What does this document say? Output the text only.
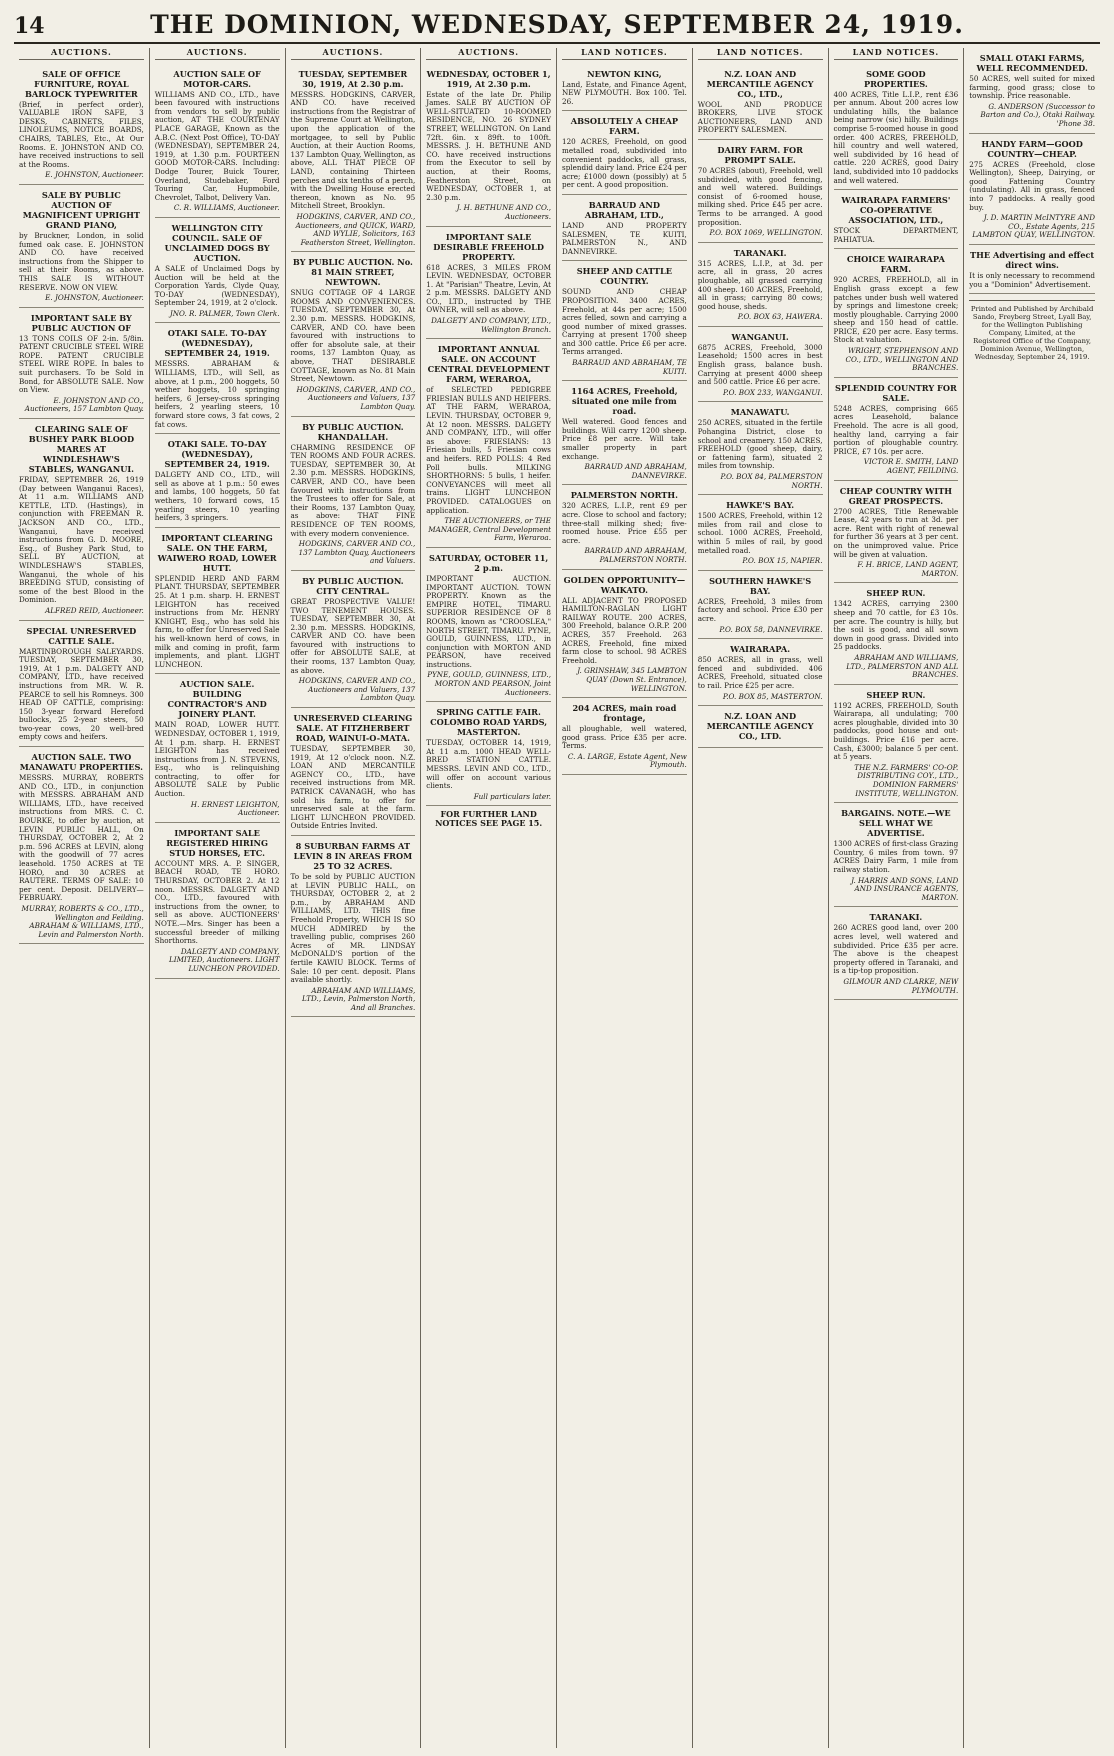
14	THE DOMINION, WEDNESDAY, SEPTEMBER 24, 1919.
AUCTIONS.
SALE OF OFFICE FURNITURE, ROYAL BARLOCK TYPEWRITER

(Brief, in perfect order), VALUABLE IRON SAFE, 3 DESKS, CABINETS, FILES, LINOLEUMS, NOTICE BOARDS, CHAIRS, TABLES, Etc., At Our Rooms. E. JOHNSTON AND CO. have received instructions to sell at the Rooms.

E. JOHNSTON, Auctioneer.
SALE BY PUBLIC AUCTION OF MAGNIFICENT UPRIGHT GRAND PIANO,

by Bruckner, London, in solid fumed oak case. E. JOHNSTON AND CO. have received instructions from the Shipper to sell at their Rooms, as above. THIS SALE IS WITHOUT RESERVE. NOW ON VIEW.

E. JOHNSTON, Auctioneer.
IMPORTANT SALE BY PUBLIC AUCTION OF

13 TONS COILS OF 2-in. 5/8in. PATENT CRUCIBLE STEEL WIRE ROPE. PATENT CRUCIBLE STEEL WIRE ROPE. In bales to suit purchasers. To be Sold in Bond, for ABSOLUTE SALE. Now on View.

E. JOHNSTON AND CO., Auctioneers, 157 Lambton Quay.
CLEARING SALE OF BUSHEY PARK BLOOD MARES AT WINDLESHAW'S STABLES, WANGANUI.

FRIDAY, SEPTEMBER 26, 1919 (Day between Wanganui Races), At 11 a.m. WILLIAMS AND KETTLE, LTD. (Hastings), in conjunction with FREEMAN R. JACKSON AND CO., LTD., Wanganui, have received instructions from G. D. MOORE, Esq., of Bushey Park Stud, to SELL BY AUCTION, at WINDLESHAW'S STABLES, Wanganui, the whole of his BREEDING STUD, consisting of some of the best Blood in the Dominion.

ALFRED REID, Auctioneer.
SPECIAL UNRESERVED CATTLE SALE.

MARTINBOROUGH SALEYARDS. TUESDAY, SEPTEMBER 30, 1919, At 1 p.m. DALGETY AND COMPANY, LTD., have received instructions from MR. W. R. PEARCE to sell his Romneys. 300 HEAD OF CATTLE, comprising: 150 3-year forward Hereford bullocks, 25 2-year steers, 50 two-year cows, 20 well-bred empty cows and heifers.

AUCTION SALE. TWO MANAWATU PROPERTIES.

MESSRS. MURRAY, ROBERTS AND CO., LTD., in conjunction with MESSRS. ABRAHAM AND WILLIAMS, LTD., have received instructions from MRS. C. C. BOURKE, to offer by auction, at LEVIN PUBLIC HALL, On THURSDAY, OCTOBER 2, At 2 p.m. 596 ACRES at LEVIN, along with the goodwill of 77 acres leasehold. 1750 ACRES at TE HORO, and 30 ACRES at RAUTERE. TERMS OF SALE: 10 per cent. Deposit. DELIVERY—FEBRUARY.

MURRAY, ROBERTS & CO., LTD., Wellington and Feilding. ABRAHAM & WILLIAMS, LTD., Levin and Palmerston North.
AUCTIONS.
AUCTION SALE OF MOTOR-CARS.

WILLIAMS AND CO., LTD., have been favoured with instructions from vendors to sell by public auction, AT THE COURTENAY PLACE GARAGE, Known as the A.B.C. (Next Post Office), TO-DAY (WEDNESDAY), SEPTEMBER 24, 1919, at 1.30 p.m. FOURTEEN GOOD MOTOR-CARS. Including: Dodge Tourer, Buick Tourer, Overland, Studebaker, Ford Touring Car, Hupmobile, Chevrolet, Talbot, Delivery Van.

C. R. WILLIAMS, Auctioneer.
WELLINGTON CITY COUNCIL. SALE OF UNCLAIMED DOGS BY AUCTION.

A SALE of Unclaimed Dogs by Auction will be held at the Corporation Yards, Clyde Quay, TO-DAY (WEDNESDAY), September 24, 1919, at 2 o'clock.

JNO. R. PALMER, Town Clerk.
OTAKI SALE. TO-DAY (WEDNESDAY), SEPTEMBER 24, 1919.

MESSRS. ABRAHAM & WILLIAMS, LTD., will Sell, as above, at 1 p.m., 200 hoggets, 50 wether hoggets, 10 springing heifers, 6 Jersey-cross springing heifers, 2 yearling steers, 10 forward store cows, 3 fat cows, 2 fat cows.

OTAKI SALE. TO-DAY (WEDNESDAY), SEPTEMBER 24, 1919.

DALGETY AND CO., LTD., will sell as above at 1 p.m.: 50 ewes and lambs, 100 hoggets, 50 fat wethers, 10 forward cows, 15 yearling steers, 10 yearling heifers, 3 springers.

IMPORTANT CLEARING SALE. ON THE FARM, WAIWERO ROAD, LOWER HUTT.

SPLENDID HERD AND FARM PLANT. THURSDAY, SEPTEMBER 25. At 1 p.m. sharp. H. ERNEST LEIGHTON has received instructions from Mr. HENRY KNIGHT, Esq., who has sold his farm, to offer for Unreserved Sale his well-known herd of cows, in milk and coming in profit, farm implements, and plant. LIGHT LUNCHEON.

AUCTION SALE. BUILDING CONTRACTOR'S AND JOINERY PLANT.

MAIN ROAD, LOWER HUTT. WEDNESDAY, OCTOBER 1, 1919, At 1 p.m. sharp. H. ERNEST LEIGHTON has received instructions from J. N. STEVENS, Esq., who is relinquishing contracting, to offer for ABSOLUTE SALE by Public Auction.

H. ERNEST LEIGHTON, Auctioneer.
IMPORTANT SALE REGISTERED HIRING STUD HORSES, ETC.

ACCOUNT MRS. A. P. SINGER, BEACH ROAD, TE HORO. THURSDAY, OCTOBER 2. At 12 noon. MESSRS. DALGETY AND CO., LTD., favoured with instructions from the owner, to sell as above. AUCTIONEERS' NOTE.—Mrs. Singer has been a successful breeder of milking Shorthorns.

DALGETY AND COMPANY, LIMITED, Auctioneers. LIGHT LUNCHEON PROVIDED.
AUCTIONS.
TUESDAY, SEPTEMBER 30, 1919, At 2.30 p.m.

MESSRS. HODGKINS, CARVER, AND CO. have received instructions from the Registrar of the Supreme Court at Wellington, upon the application of the mortgagee, to sell by Public Auction, at their Auction Rooms, 137 Lambton Quay, Wellington, as above, ALL THAT PIECE OF LAND, containing Thirteen perches and six tenths of a perch, with the Dwelling House erected thereon, known as No. 95 Mitchell Street, Brooklyn.

HODGKINS, CARVER, AND CO., Auctioneers, and QUICK, WARD, AND WYLIE, Solicitors, 163 Featherston Street, Wellington.
BY PUBLIC AUCTION. No. 81 MAIN STREET, NEWTOWN.

SNUG COTTAGE OF 4 LARGE ROOMS AND CONVENIENCES. TUESDAY, SEPTEMBER 30, At 2.30 p.m. MESSRS. HODGKINS, CARVER, AND CO. have been favoured with instructions to offer for absolute sale, at their rooms, 137 Lambton Quay, as above, THAT DESIRABLE COTTAGE, known as No. 81 Main Street, Newtown.

HODGKINS, CARVER, AND CO., Auctioneers and Valuers, 137 Lambton Quay.
BY PUBLIC AUCTION. KHANDALLAH.

CHARMING RESIDENCE OF TEN ROOMS AND FOUR ACRES. TUESDAY, SEPTEMBER 30, At 2.30 p.m. MESSRS. HODGKINS, CARVER, AND CO., have been favoured with instructions from the Trustees to offer for Sale, at their Rooms, 137 Lambton Quay, as above: THAT FINE RESIDENCE OF TEN ROOMS, with every modern convenience.

HODGKINS, CARVER AND CO., 137 Lambton Quay, Auctioneers and Valuers.
BY PUBLIC AUCTION. CITY CENTRAL.

GREAT PROSPECTIVE VALUE! TWO TENEMENT HOUSES. TUESDAY, SEPTEMBER 30, At 2.30 p.m. MESSRS. HODGKINS, CARVER AND CO. have been favoured with instructions to offer for ABSOLUTE SALE, at their rooms, 137 Lambton Quay, as above.

HODGKINS, CARVER AND CO., Auctioneers and Valuers, 137 Lambton Quay.
UNRESERVED CLEARING SALE. AT FITZHERBERT ROAD, WAINUI-O-MATA.

TUESDAY, SEPTEMBER 30, 1919, At 12 o'clock noon. N.Z. LOAN AND MERCANTILE AGENCY CO., LTD., have received instructions from MR. PATRICK CAVANAGH, who has sold his farm, to offer for unreserved sale at the farm. LIGHT LUNCHEON PROVIDED. Outside Entries Invited.

8 SUBURBAN FARMS AT LEVIN 8 IN AREAS FROM 25 TO 32 ACRES.

To be sold by PUBLIC AUCTION at LEVIN PUBLIC HALL, on THURSDAY, OCTOBER 2, at 2 p.m., by ABRAHAM AND WILLIAMS, LTD. THIS fine Freehold Property, WHICH IS SO MUCH ADMIRED by the travelling public, comprises 260 Acres of MR. LINDSAY McDONALD'S portion of the fertile KAWIU BLOCK. Terms of Sale: 10 per cent. deposit. Plans available shortly.

ABRAHAM AND WILLIAMS, LTD., Levin, Palmerston North, And all Branches.
AUCTIONS.
WEDNESDAY, OCTOBER 1, 1919, At 2.30 p.m.

Estate of the late Dr. Philip James. SALE BY AUCTION OF WELL-SITUATED 10-ROOMED RESIDENCE, NO. 26 SYDNEY STREET, WELLINGTON. On Land 72ft. 6in. x 89ft. to 100ft. MESSRS. J. H. BETHUNE AND CO. have received instructions from the Executor to sell by auction, at their Rooms, Featherston Street, on WEDNESDAY, OCTOBER 1, at 2.30 p.m.

J. H. BETHUNE AND CO., Auctioneers.
IMPORTANT SALE DESIRABLE FREEHOLD PROPERTY.

618 ACRES, 3 MILES FROM LEVIN. WEDNESDAY, OCTOBER 1. At "Parisian" Theatre, Levin, At 2 p.m. MESSRS. DALGETY AND CO., LTD., instructed by THE OWNER, will sell as above.

DALGETY AND COMPANY, LTD., Wellington Branch.
IMPORTANT ANNUAL SALE. ON ACCOUNT CENTRAL DEVELOPMENT FARM, WERAROA,

of SELECTED PEDIGREE FRIESIAN BULLS AND HEIFERS. AT THE FARM, WERAROA, LEVIN. THURSDAY, OCTOBER 9, At 12 noon. MESSRS. DALGETY AND COMPANY, LTD., will offer as above: FRIESIANS: 13 Friesian bulls, 5 Friesian cows and heifers. RED POLLS: 4 Red Poll bulls. MILKING SHORTHORNS: 5 bulls, 1 heifer. CONVEYANCES will meet all trains. LIGHT LUNCHEON PROVIDED. CATALOGUES on application.

THE AUCTIONEERS, or THE MANAGER, Central Development Farm, Weraroa.
SATURDAY, OCTOBER 11, 2 p.m.

IMPORTANT AUCTION. IMPORTANT AUCTION. TOWN PROPERTY. Known as the EMPIRE HOTEL, TIMARU. SUPERIOR RESIDENCE OF 8 ROOMS, known as "CROOSLEA," NORTH STREET, TIMARU. PYNE, GOULD, GUINNESS, LTD., in conjunction with MORTON AND PEARSON, have received instructions.

PYNE, GOULD, GUINNESS, LTD., MORTON AND PEARSON, Joint Auctioneers.
SPRING CATTLE FAIR. COLOMBO ROAD YARDS, MASTERTON.

TUESDAY, OCTOBER 14, 1919, At 11 a.m. 1000 HEAD WELL-BRED STATION CATTLE. MESSRS. LEVIN AND CO., LTD., will offer on account various clients.

Full particulars later.
FOR FURTHER LAND NOTICES SEE PAGE 15.
LAND NOTICES.
NEWTON KING,

Land, Estate, and Finance Agent, NEW PLYMOUTH. Box 100. Tel. 26.

ABSOLUTELY A CHEAP FARM.

120 ACRES, Freehold, on good metalled road, subdivided into convenient paddocks, all grass, splendid dairy land. Price £24 per acre; £1000 down (possibly) at 5 per cent. A good proposition.

BARRAUD AND ABRAHAM, LTD.,

LAND AND PROPERTY SALESMEN, TE KUITI, PALMERSTON N., AND DANNEVIRKE.

SHEEP AND CATTLE COUNTRY.

SOUND AND CHEAP PROPOSITION. 3400 ACRES, Freehold, at 44s per acre; 1500 acres felled, sown and carrying a good number of mixed grasses. Carrying at present 1700 sheep and 300 cattle. Price £6 per acre. Terms arranged.

BARRAUD AND ABRAHAM, TE KUITI.
1164 ACRES, Freehold, situated one mile from road.

Well watered. Good fences and buildings. Will carry 1200 sheep. Price £8 per acre. Will take smaller property in part exchange.

BARRAUD AND ABRAHAM, DANNEVIRKE.
PALMERSTON NORTH.

320 ACRES, L.I.P., rent £9 per acre. Close to school and factory; three-stall milking shed; five-roomed house. Price £55 per acre.

BARRAUD AND ABRAHAM, PALMERSTON NORTH.
GOLDEN OPPORTUNITY—WAIKATO.

ALL ADJACENT TO PROPOSED HAMILTON-RAGLAN LIGHT RAILWAY ROUTE. 200 ACRES, 300 Freehold, balance O.R.P. 200 ACRES, 357 Freehold. 263 ACRES, Freehold, fine mixed farm close to school. 98 ACRES Freehold.

J. GRINSHAW, 345 LAMBTON QUAY (Down St. Entrance), WELLINGTON.
204 ACRES, main road frontage,

all ploughable, well watered, good grass. Price £35 per acre. Terms.

C. A. LARGE, Estate Agent, New Plymouth.
LAND NOTICES.
N.Z. LOAN AND MERCANTILE AGENCY CO., LTD.,

WOOL AND PRODUCE BROKERS, LIVE STOCK AUCTIONEERS, LAND AND PROPERTY SALESMEN.

DAIRY FARM. FOR PROMPT SALE.

70 ACRES (about), Freehold, well subdivided, with good fencing, and well watered. Buildings consist of 6-roomed house, milking shed. Price £45 per acre. Terms to be arranged. A good proposition.

P.O. BOX 1069, WELLINGTON.
TARANAKI.

315 ACRES, L.I.P., at 3d. per acre, all in grass, 20 acres ploughable, all grassed carrying 400 sheep. 160 ACRES, Freehold, all in grass; carrying 80 cows; good house, sheds.

P.O. BOX 63, HAWERA.
WANGANUI.

6875 ACRES, Freehold, 3000 Leasehold; 1500 acres in best English grass, balance bush. Carrying at present 4000 sheep and 500 cattle. Price £6 per acre.

P.O. BOX 233, WANGANUI.
MANAWATU.

250 ACRES, situated in the fertile Pohangina District, close to school and creamery. 150 ACRES, FREEHOLD (good sheep, dairy, or fattening farm), situated 2 miles from township.

P.O. BOX 84, PALMERSTON NORTH.
HAWKE'S BAY.

1500 ACRES, Freehold, within 12 miles from rail and close to school. 1000 ACRES, Freehold, within 5 miles of rail, by good metalled road.

P.O. BOX 15, NAPIER.
SOUTHERN HAWKE'S BAY.

ACRES, Freehold, 3 miles from factory and school. Price £30 per acre.

P.O. BOX 58, DANNEVIRKE.
WAIRARAPA.

850 ACRES, all in grass, well fenced and subdivided. 406 ACRES, Freehold, situated close to rail. Price £25 per acre.

P.O. BOX 85, MASTERTON.
N.Z. LOAN AND MERCANTILE AGENCY CO., LTD.
LAND NOTICES.
SOME GOOD PROPERTIES.

400 ACRES, Title L.I.P., rent £36 per annum. About 200 acres low undulating hills, the balance being narrow (sic) hilly. Buildings comprise 5-roomed house in good order. 400 ACRES, FREEHOLD, hill country and well watered, well subdivided by 16 head of cattle. 220 ACRES, good Dairy land, subdivided into 10 paddocks and well watered.

WAIRARAPA FARMERS' CO-OPERATIVE ASSOCIATION, LTD.,

STOCK DEPARTMENT, PAHIATUA.

CHOICE WAIRARAPA FARM.

920 ACRES, FREEHOLD, all in English grass except a few patches under bush well watered by springs and limestone creek; mostly ploughable. Carrying 2000 sheep and 150 head of cattle. PRICE, £20 per acre. Easy terms. Stock at valuation.

WRIGHT, STEPHENSON AND CO., LTD., WELLINGTON AND BRANCHES.
SPLENDID COUNTRY FOR SALE.

5248 ACRES, comprising 665 acres Leasehold, balance Freehold. The acre is all good, healthy land, carrying a fair portion of ploughable country. PRICE, £7 10s. per acre.

VICTOR E. SMITH, LAND AGENT, FEILDING.
CHEAP COUNTRY WITH GREAT PROSPECTS.

2700 ACRES, Title Renewable Lease, 42 years to run at 3d. per acre. Rent with right of renewal for further 36 years at 3 per cent. on the unimproved value. Price will be given at valuation.

F. H. BRICE, LAND AGENT, MARTON.
SHEEP RUN.

1342 ACRES, carrying 2300 sheep and 70 cattle, for £3 10s. per acre. The country is hilly, but the soil is good, and all sown down in good grass. Divided into 25 paddocks.

ABRAHAM AND WILLIAMS, LTD., PALMERSTON AND ALL BRANCHES.
SHEEP RUN.

1192 ACRES, FREEHOLD, South Wairarapa, all undulating; 700 acres ploughable, divided into 30 paddocks, good house and out-buildings. Price £16 per acre. Cash, £3000; balance 5 per cent. at 5 years.

THE N.Z. FARMERS' CO-OP. DISTRIBUTING COY., LTD., DOMINION FARMERS' INSTITUTE, WELLINGTON.
BARGAINS. NOTE.—WE SELL WHAT WE ADVERTISE.

1300 ACRES of first-class Grazing Country, 6 miles from town. 97 ACRES Dairy Farm, 1 mile from railway station.

J. HARRIS AND SONS, LAND AND INSURANCE AGENTS, MARTON.
TARANAKI.

260 ACRES good land, over 200 acres level, well watered and subdivided. Price £35 per acre. The above is the cheapest property offered in Taranaki, and is a tip-top proposition.

GILMOUR AND CLARKE, NEW PLYMOUTH.
SMALL OTAKI FARMS, WELL RECOMMENDED.

50 ACRES, well suited for mixed farming, good grass; close to township. Price reasonable.

G. ANDERSON (Successor to Barton and Co.), Otaki Railway. 'Phone 38.
HANDY FARM—GOOD COUNTRY—CHEAP.

275 ACRES (Freehold, close Wellington), Sheep, Dairying, or good Fattening Country (undulating). All in grass, fenced into 7 paddocks. A really good buy.

J. D. MARTIN McINTYRE AND CO., Estate Agents, 215 LAMBTON QUAY, WELLINGTON.
THE Advertising and effect direct wins.

It is only necessary to recommend you a "Dominion" Advertisement.

Printed and Published by Archibald Sando, Freyberg Street, Lyall Bay, for the Wellington Publishing Company, Limited, at the Registered Office of the Company, Dominion Avenue, Wellington, Wednesday, September 24, 1919.
